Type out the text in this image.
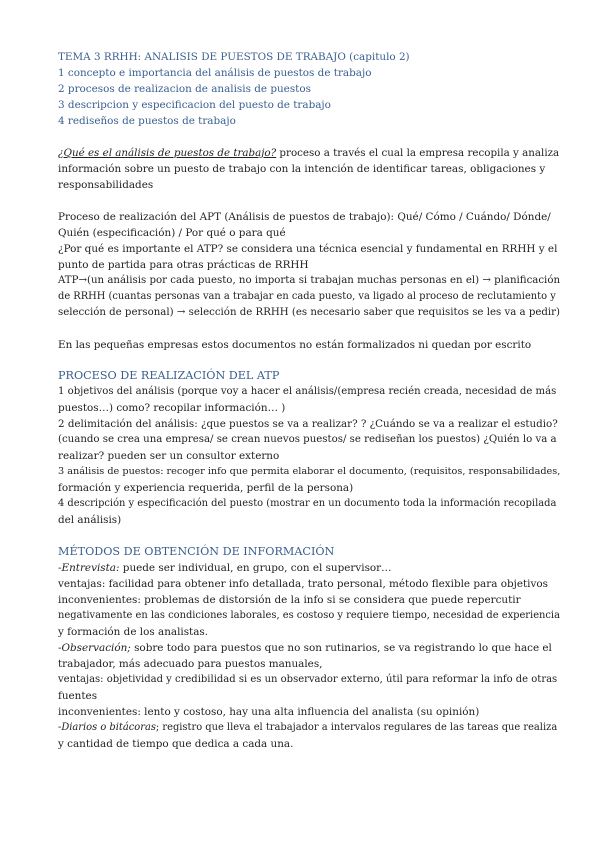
TEMA 3 RRHH: ANALISIS DE PUESTOS DE TRABAJO (capitulo 2)
1 concepto e importancia del análisis de puestos de trabajo
2 procesos de realizacion de analisis de puestos
3 descripcion y especificacion del puesto de trabajo
4 rediseños de puestos de trabajo
¿Qué es el análisis de puestos de trabajo? proceso a través el cual la empresa recopila y analiza
información sobre un puesto de trabajo con la intención de identificar tareas, obligaciones y
responsabilidades
Proceso de realización del APT (Análisis de puestos de trabajo): Qué/ Cómo / Cuándo/ Dónde/
Quién (especificación) / Por qué o para qué
¿Por qué es importante el ATP? se considera una técnica esencial y fundamental en RRHH y el
punto de partida para otras prácticas de RRHH
ATP→(un análisis por cada puesto, no importa si trabajan muchas personas en el) → planificación
de RRHH (cuantas personas van a trabajar en cada puesto, va ligado al proceso de reclutamiento y
selección de personal) → selección de RRHH (es necesario saber que requisitos se les va a pedir)
En las pequeñas empresas estos documentos no están formalizados ni quedan por escrito
PROCESO DE REALIZACIÓN DEL ATP
1 objetivos del análisis (porque voy a hacer el análisis/(empresa recién creada, necesidad de más
puestos…) como? recopilar información… )
2 delimitación del análisis: ¿que puestos se va a realizar? ? ¿Cuándo se va a realizar el estudio?
(cuando se crea una empresa/ se crean nuevos puestos/ se rediseñan los puestos) ¿Quién lo va a
realizar? pueden ser un consultor externo
3 análisis de puestos: recoger info que permita elaborar el documento, (requisitos, responsabilidades,
formación y experiencia requerida, perfil de la persona)
4 descripción y especificación del puesto (mostrar en un documento toda la información recopilada
del análisis)
MÉTODOS DE OBTENCIÓN DE INFORMACIÓN
-Entrevista: puede ser individual, en grupo, con el supervisor…
ventajas: facilidad para obtener info detallada, trato personal, método flexible para objetivos
inconvenientes: problemas de distorsión de la info si se considera que puede repercutir
negativamente en las condiciones laborales, es costoso y requiere tiempo, necesidad de experiencia
y formación de los analistas.
-Observación; sobre todo para puestos que no son rutinarios, se va registrando lo que hace el
trabajador, más adecuado para puestos manuales,
ventajas: objetividad y credibilidad si es un observador externo, útil para reformar la info de otras
fuentes
inconvenientes: lento y costoso, hay una alta influencia del analista (su opinión)
-Diarios o bitácoras; registro que lleva el trabajador a intervalos regulares de las tareas que realiza
y cantidad de tiempo que dedica a cada una.
